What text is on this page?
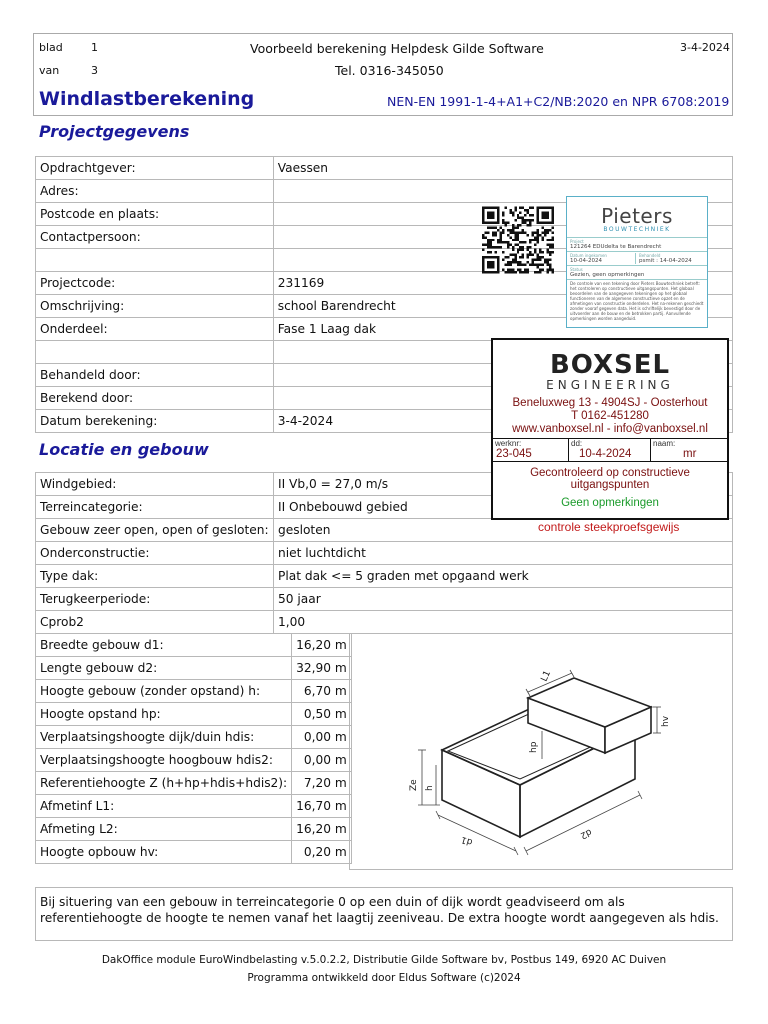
blad	1
van	3
Voorbeeld berekening Helpdesk Gilde Software
Tel. 0316-345050
3-4-2024
Windlastberekening	NEN-EN 1991-1-4+A1+C2/NB:2020 en NPR 6708:2019
Projectgegevens
Opdrachtgever:	Vaessen
Adres:	
Postcode en plaats:	
Contactpersoon:	

Projectcode:	231169
Omschrijving:	school Barendrecht
Onderdeel:	Fase 1 Laag dak

Behandeld door:	
Berekend door:	
Datum berekening:	3-4-2024
Locatie en gebouw
Windgebied:	II Vb,0 = 27,0 m/s
Terreincategorie:	II Onbebouwd gebied
Gebouw zeer open, open of gesloten:	gesloten
Onderconstructie:	niet luchtdicht
Type dak:	Plat dak <= 5 graden met opgaand werk
Terugkeerperiode:	50 jaar
Cprob2	1,00
Breedte gebouw d1:	16,20 m
Lengte gebouw d2:	32,90 m
Hoogte gebouw (zonder opstand) h:	6,70 m
Hoogte opstand hp:	0,50 m
Verplaatsingshoogte dijk/duin hdis:	0,00 m
Verplaatsingshoogte hoogbouw hdis2:	0,00 m
Referentiehoogte Z (h+hp+hdis+hdis2):	7,20 m
Afmetinf L1:	16,70 m
Afmeting L2:	16,20 m
Hoogte opbouw hv:	0,20 m
Bij situering van een gebouw in terreincategorie 0 op een duin of dijk wordt geadviseerd om als referentiehoogte de hoogte te nemen vanaf het laagtij zeeniveau. De extra hoogte wordt aangegeven als hdis.
DakOffice module EuroWindbelasting v.5.0.2.2, Distributie Gilde Software bv, Postbus 149, 6920 AC Duiven
Programma ontwikkeld door Eldus Software (c)2024
Pieters
BOUWTECHNIEK
Project
121264 EDUdelta te Barendrecht
Datum ingekomen
10-04-2024
Behandeld
psmit : 14-04-2024
Status
Gezien, geen opmerkingen
De controle van een tekening door Pieters Bouwtechniek betreft:
het controleren op constructieve uitgangspunten. Het globaal beoordelen van de aangegeven tekeningen op het globaal functioneren van de algemene constructieve opzet en de afmetingen van constructie onderdelen. Het na-rekenen geschiedt zonder vooraf gegeven data. Het is schriftelijk bevestigd door de uitvoerder aan de bouw en de betrokken partij. Aanvullende opmerkingen worden aangeduid.
BOXSEL
ENGINEERING
Beneluxweg 13 - 4904SJ - Oosterhout
T 0162-451280
www.vanboxsel.nl - info@vanboxsel.nl
werknr:
23-045
dd:
10-4-2024
naam:
mr
Gecontroleerd op constructieve
uitgangspunten
Geen opmerkingen
controle steekproefsgewijs
L1
hv
hp
Ze h
d1
d2
